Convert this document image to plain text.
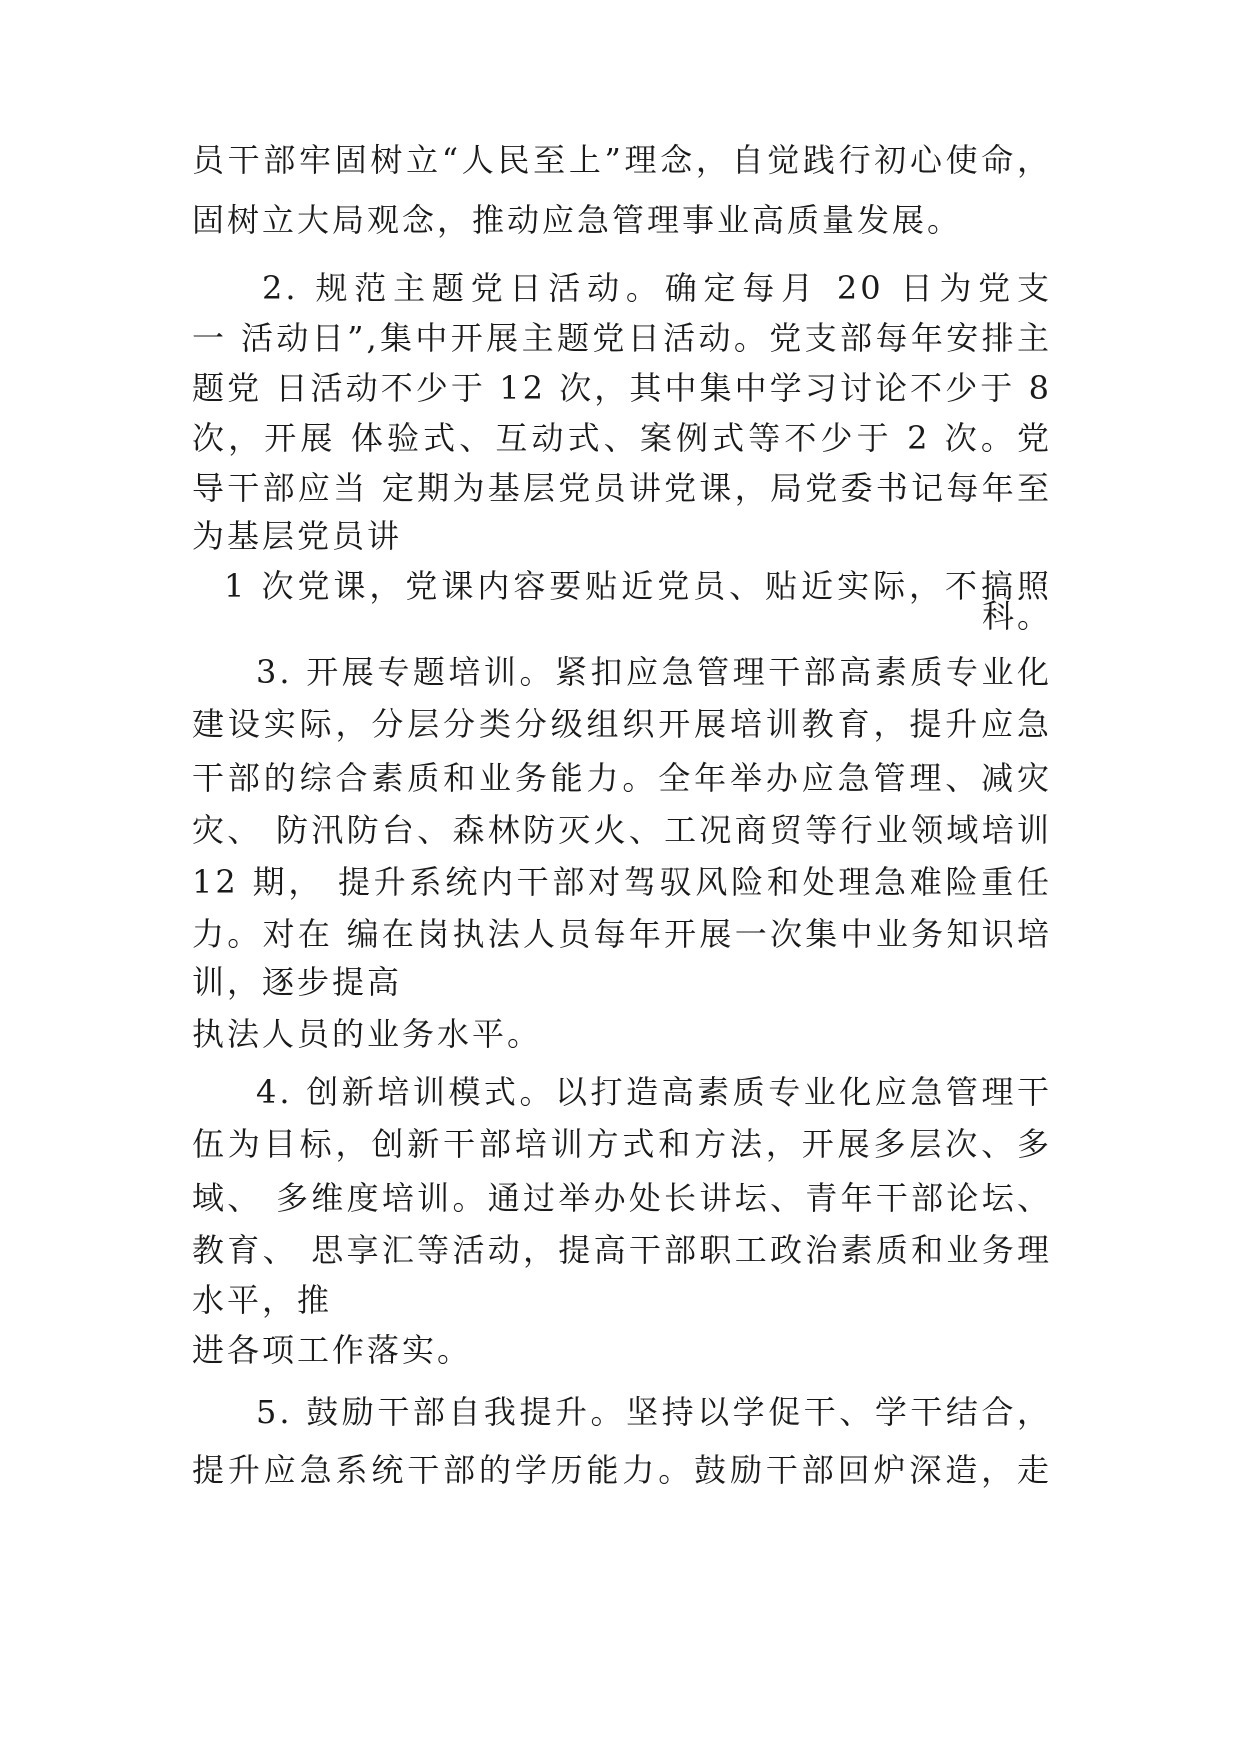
员干部牢固树立“人民至上”理念，自觉践行初心使命，
固树立大局观念，推动应急管理事业高质量发展。
2. 规范主题党日活动。确定每月 20 日为党支
一 活动日”,集中开展主题党日活动。党支部每年安排主
题党 日活动不少于 12 次，其中集中学习讨论不少于 8
次，开展 体验式、互动式、案例式等不少于 2 次。党
导干部应当 定期为基层党员讲党课，局党委书记每年至
为基层党员讲
1 次党课，党课内容要贴近党员、贴近实际，不搞照
科。
3. 开展专题培训。紧扣应急管理干部高素质专业化
建设实际，分层分类分级组织开展培训教育，提升应急
干部的综合素质和业务能力。全年举办应急管理、减灾
灾、 防汛防台、森林防灭火、工况商贸等行业领域培训
12 期， 提升系统内干部对驾驭风险和处理急难险重任
力。对在 编在岗执法人员每年开展一次集中业务知识培
训，逐步提高
执法人员的业务水平。
4. 创新培训模式。以打造高素质专业化应急管理干
伍为目标，创新干部培训方式和方法，开展多层次、多
域、 多维度培训。通过举办处长讲坛、青年干部论坛、
教育、 思享汇等活动，提高干部职工政治素质和业务理
水平，推
进各项工作落实。
5. 鼓励干部自我提升。坚持以学促干、学干结合，
提升应急系统干部的学历能力。鼓励干部回炉深造，走
